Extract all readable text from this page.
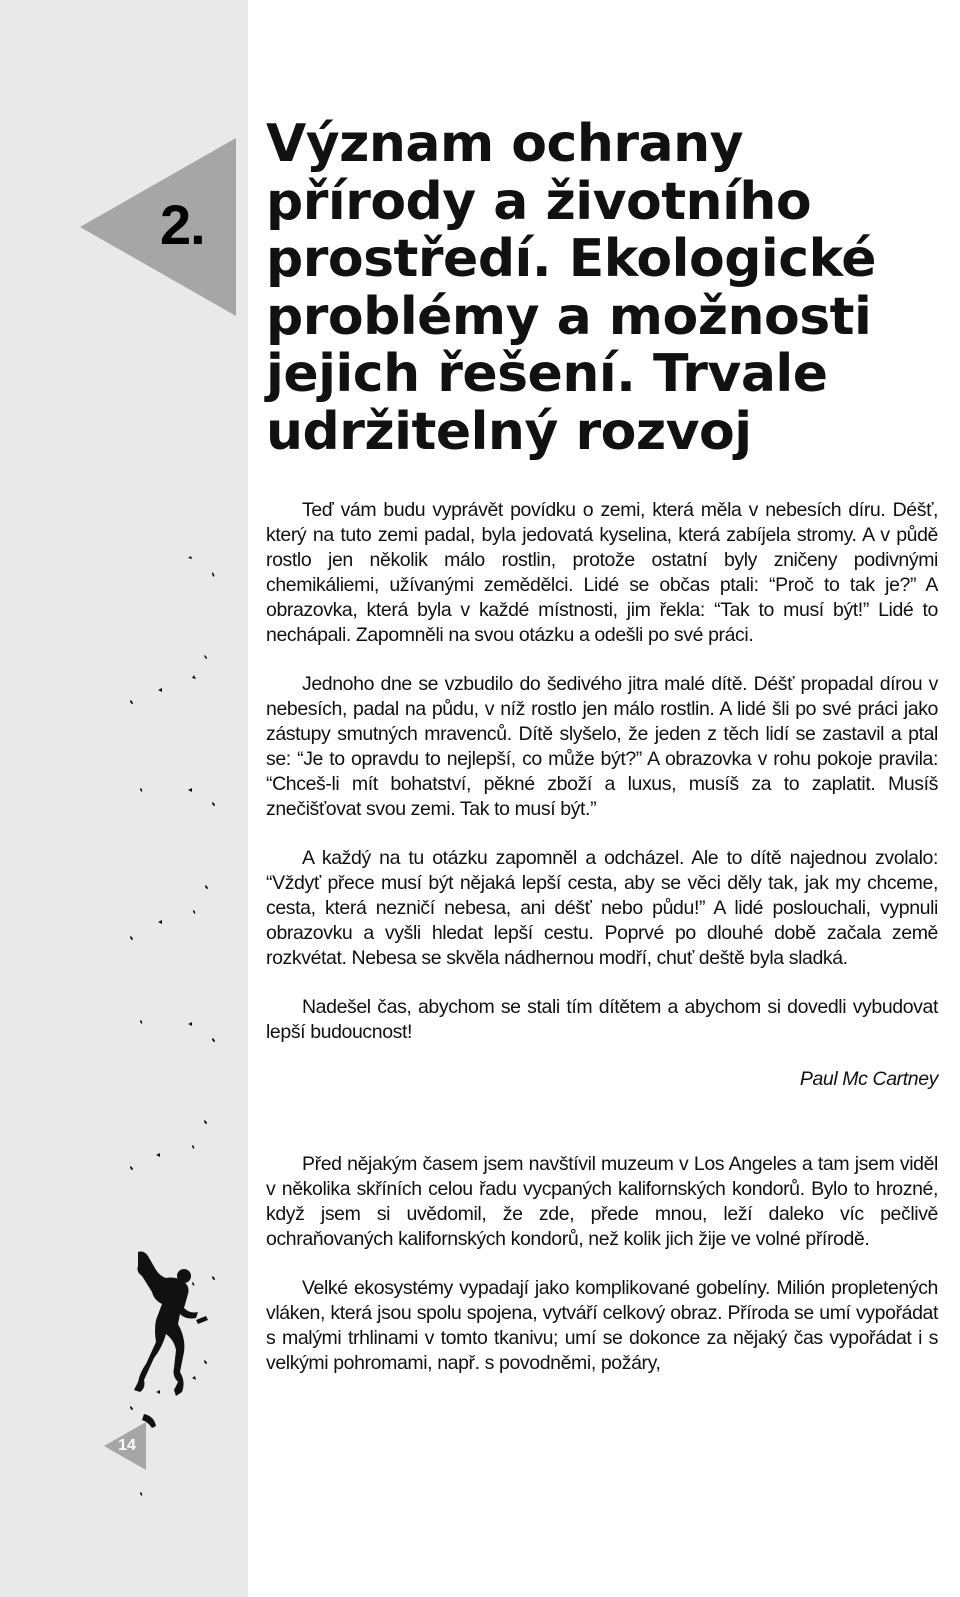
2.
14
Význam ochrany
přírody a životního
prostředí. Ekologické
problémy a možnosti
jejich řešení. Trvale
udržitelný rozvoj

Teď vám budu vyprávět povídku o zemi, která měla v nebesích díru. Déšť, který na tuto zemi padal, byla jedovatá kyselina, která zabíjela stromy. A v půdě rostlo jen několik málo rostlin, protože ostatní byly zničeny podivnými chemikáliemi, užívanými zemědělci. Lidé se občas ptali: “Proč to tak je?” A obrazovka, která byla v každé místnosti, jim řekla: “Tak to musí být!” Lidé to nechápali. Zapomněli na svou otázku a odešli po své práci.

Jednoho dne se vzbudilo do šedivého jitra malé dítě. Déšť propadal dírou v nebesích, padal na půdu, v níž rostlo jen málo rostlin. A lidé šli po své práci jako zástupy smutných mravenců. Dítě slyšelo, že jeden z těch lidí se zastavil a ptal se: “Je to opravdu to nejlepší, co může být?” A obrazovka v rohu pokoje pravila: “Chceš-li mít bohatství, pěkné zboží a luxus, musíš za to zaplatit. Musíš znečišťovat svou zemi. Tak to musí být.”

A každý na tu otázku zapomněl a odcházel. Ale to dítě najednou zvolalo: “Vždyť přece musí být nějaká lepší cesta, aby se věci děly tak, jak my chceme, cesta, která nezničí nebesa, ani déšť nebo půdu!” A lidé poslouchali, vypnuli obrazovku a vyšli hledat lepší cestu. Poprvé po dlouhé době začala země rozkvétat. Nebesa se skvěla nádhernou modří, chuť deště byla sladká.

Nadešel čas, abychom se stali tím dítětem a abychom si dovedli vybudovat lepší budoucnost!

Paul Mc Cartney

Před nějakým časem jsem navštívil muzeum v Los Angeles a tam jsem viděl v několika skříních celou řadu vycpaných kalifornských kondorů. Bylo to hrozné, když jsem si uvědomil, že zde, přede mnou, leží daleko víc pečlivě ochraňovaných kalifornských kondorů, než kolik jich žije ve volné přírodě.

Velké ekosystémy vypadají jako komplikované gobelíny. Milión propletených vláken, která jsou spolu spojena, vytváří celkový obraz. Příroda se umí vypořádat s malými trhlinami v tomto tkanivu; umí se dokonce za nějaký čas vypořádat i s velkými pohromami, např. s povodněmi, požáry,
